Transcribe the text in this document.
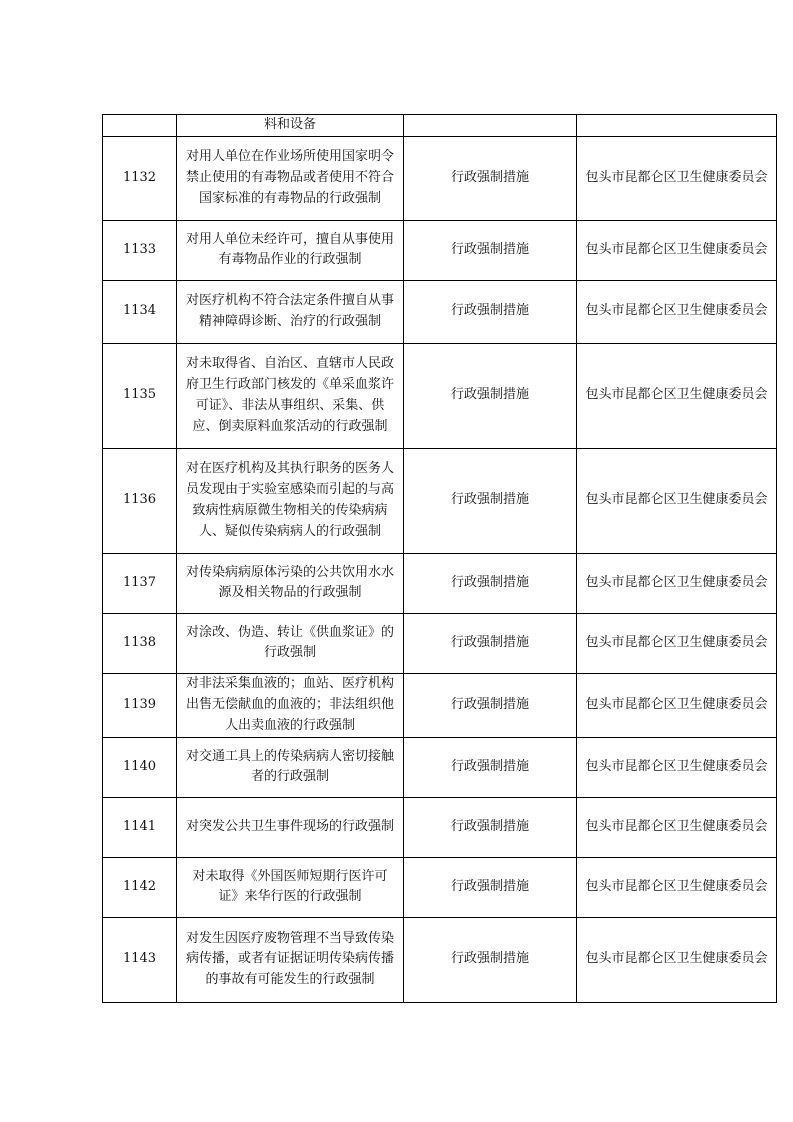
	料和设备		
1132	对用人单位在作业场所使用国家明令禁止使用的有毒物品或者使用不符合国家标准的有毒物品的行政强制	行政强制措施	包头市昆都仑区卫生健康委员会
1133	对用人单位未经许可，擅自从事使用有毒物品作业的行政强制	行政强制措施	包头市昆都仑区卫生健康委员会
1134	对医疗机构不符合法定条件擅自从事精神障碍诊断、治疗的行政强制	行政强制措施	包头市昆都仑区卫生健康委员会
1135	对未取得省、自治区、直辖市人民政府卫生行政部门核发的《单采血浆许可证》、非法从事组织、采集、供应、倒卖原料血浆活动的行政强制	行政强制措施	包头市昆都仑区卫生健康委员会
1136	对在医疗机构及其执行职务的医务人员发现由于实验室感染而引起的与高致病性病原微生物相关的传染病病人、疑似传染病病人的行政强制	行政强制措施	包头市昆都仑区卫生健康委员会
1137	对传染病病原体污染的公共饮用水水源及相关物品的行政强制	行政强制措施	包头市昆都仑区卫生健康委员会
1138	对涂改、伪造、转让《供血浆证》的行政强制	行政强制措施	包头市昆都仑区卫生健康委员会
1139	对非法采集血液的；血站、医疗机构出售无偿献血的血液的；非法组织他人出卖血液的行政强制	行政强制措施	包头市昆都仑区卫生健康委员会
1140	对交通工具上的传染病病人密切接触者的行政强制	行政强制措施	包头市昆都仑区卫生健康委员会
1141	对突发公共卫生事件现场的行政强制	行政强制措施	包头市昆都仑区卫生健康委员会
1142	对未取得《外国医师短期行医许可证》来华行医的行政强制	行政强制措施	包头市昆都仑区卫生健康委员会
1143	对发生因医疗废物管理不当导致传染病传播，或者有证据证明传染病传播的事故有可能发生的行政强制	行政强制措施	包头市昆都仑区卫生健康委员会
